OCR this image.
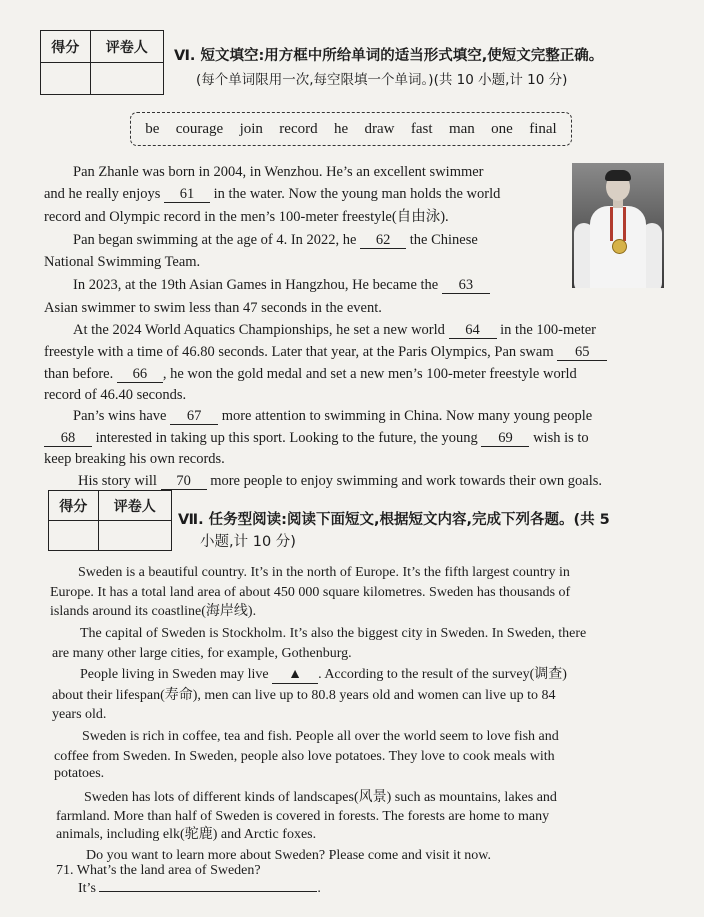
得分	评卷人

Ⅵ. 短文填空:用方框中所给单词的适当形式填空,使短文完整正确。
(每个单词限用一次,每空限填一个单词。)(共 10 小题,计 10 分)
be courage join record he draw fast man one final
Pan Zhanle was born in 2004, in Wenzhou. He’s an excellent swimmer
and he really enjoys 61 in the water. Now the young man holds the world
record and Olympic record in the men’s 100-meter freestyle(自由泳).
Pan began swimming at the age of 4. In 2022, he 62 the Chinese
National Swimming Team.
In 2023, at the 19th Asian Games in Hangzhou, He became the 63
Asian swimmer to swim less than 47 seconds in the event.
At the 2024 World Aquatics Championships, he set a new world 64 in the 100-meter
freestyle with a time of 46.80 seconds. Later that year, at the Paris Olympics, Pan swam 65
than before. 66 , he won the gold medal and set a new men’s 100-meter freestyle world
record of 46.40 seconds.
Pan’s wins have 67 more attention to swimming in China. Now many young people
68 interested in taking up this sport. Looking to the future, the young 69 wish is to
keep breaking his own records.
His story will 70 more people to enjoy swimming and work towards their own goals.
得分	评卷人

Ⅶ. 任务型阅读:阅读下面短文,根据短文内容,完成下列各题。(共 5
小题,计 10 分)
Sweden is a beautiful country. It’s in the north of Europe. It’s the fifth largest country in
Europe. It has a total land area of about 450 000 square kilometres. Sweden has thousands of
islands around its coastline(海岸线).
The capital of Sweden is Stockholm. It’s also the biggest city in Sweden. In Sweden, there
are many other large cities, for example, Gothenburg.
People living in Sweden may live ▲ . According to the result of the survey(调查)
about their lifespan(寿命), men can live up to 80.8 years old and women can live up to 84
years old.
Sweden is rich in coffee, tea and fish. People all over the world seem to love fish and
coffee from Sweden. In Sweden, people also love potatoes. They love to cook meals with
potatoes.
Sweden has lots of different kinds of landscapes(风景) such as mountains, lakes and
farmland. More than half of Sweden is covered in forests. The forests are home to many
animals, including elk(驼鹿) and Arctic foxes.
Do you want to learn more about Sweden? Please come and visit it now.
71. What’s the land area of Sweden?
It’s	.
